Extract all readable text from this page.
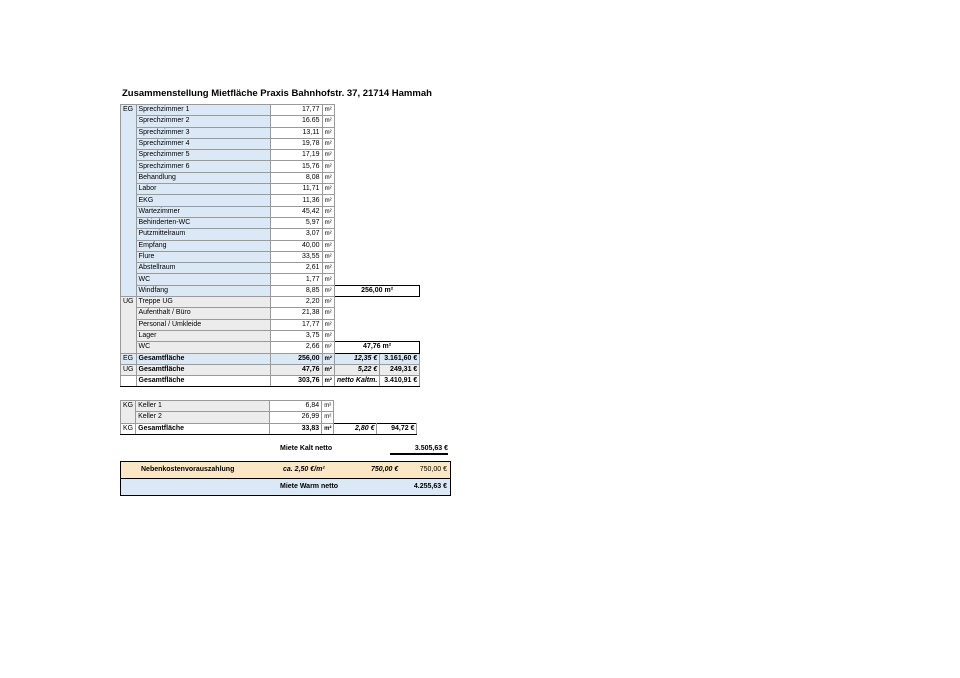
Zusammenstellung Mietfläche Praxis Bahnhofstr. 37, 21714 Hammah
EG	Sprechzimmer 1	17,77	m²		
	Sprechzimmer 2	16.65	m²		
	Sprechzimmer 3	13,11	m²		
	Sprechzimmer 4	19,78	m²		
	Sprechzimmer 5	17,19	m²		
	Sprechzimmer 6	15,76	m²		
	Behandlung	8,08	m²		
	Labor	11,71	m²		
	EKG	11,36	m²		
	Wartezimmer	45,42	m²		
	Behinderten-WC	5,97	m²		
	Putzmittelraum	3,07	m²		
	Empfang	40,00	m²		
	Flure	33,55	m²		
	Abstellraum	2,61	m²		
	WC	1,77	m²		
	Windfang	8,85	m²	256,00 m²	
UG	Treppe UG	2,20	m²		
	Aufenthalt / Büro	21,38	m²		
	Personal / Umkleide	17,77	m²		
	Lager	3,75	m²		
	WC	2,66	m²	47,76 m²	
EG	Gesamtfläche	256,00	m²	12,35 €	3.161,60 €
UG	Gesamtfläche	47,76	m²	5,22 €	249,31 €
	Gesamtfläche	303,76	m²	netto Kaltm.	3.410,91 €
KG	Keller 1	6,84	m²		
	Keller 2	26,99	m²		
KG	Gesamtfläche	33,83	m²	2,80 €	94,72 €
Miete Kalt netto	3.505,63 €
Nebenkostenvorauszahlung	ca. 2,50 €/m²	750,00 €	750,00 €
Miete Warm netto	4.255,63 €
